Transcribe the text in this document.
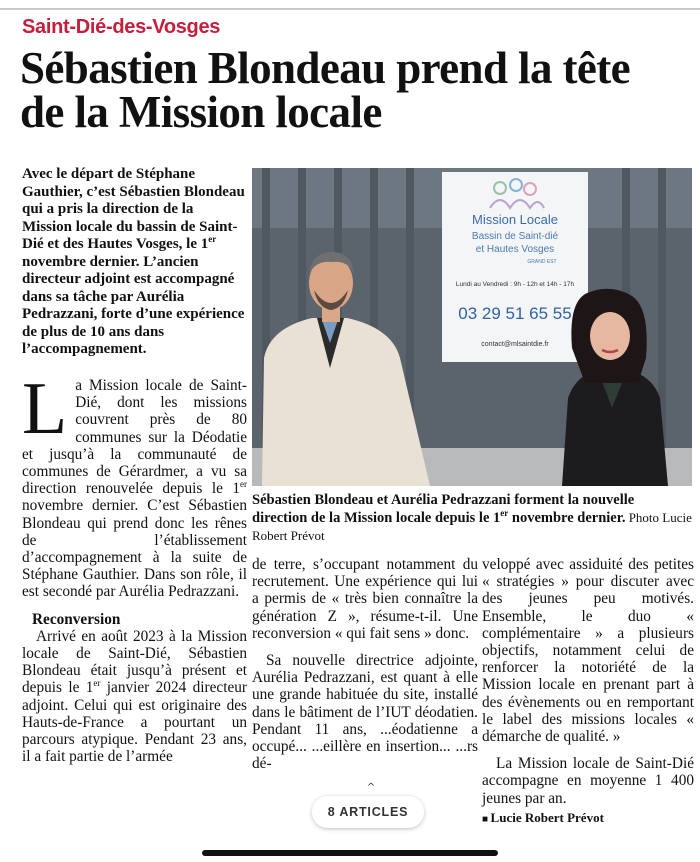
Saint-Dié-des-Vosges
Sébastien Blondeau prend la tête
de la Mission locale
Avec le départ de Stéphane Gauthier, c’est Sébastien Blondeau qui a pris la direction de la Mission locale du bassin de Saint-Dié et des Hautes Vosges, le 1er novembre dernier. L’ancien directeur adjoint est accompagné dans sa tâche par Aurélia Pedrazzani, forte d’une expérience de plus de 10 ans dans l’accompagnement.

La Mission locale de Saint-Dié, dont les missions couvrent près de 80 communes sur la Déodatie et jusqu’à la communauté de communes de Gérardmer, a vu sa direction renouvelée depuis le 1er novembre dernier. C’est Sébastien Blondeau qui prend donc les rênes de l’établissement d’accompagnement à la suite de Stéphane Gauthier. Dans son rôle, il est secondé par Aurélia Pedrazzani.

Reconversion

Arrivé en août 2023 à la Mission locale de Saint-Dié, Sébastien Blondeau était jusqu’à présent et depuis le 1er janvier 2024 directeur adjoint. Celui qui est originaire des Hauts-de-France a pourtant un parcours atypique. Pendant 23 ans, il a fait partie de l’armée

Mission Locale
Bassin de Saint-dié
et Hautes Vosges
GRAND EST
Lundi au Vendredi : 9h - 12h et 14h - 17h
03 29 51 65 55
contact@mlsaintdie.fr
Sébastien Blondeau et Aurélia Pedrazzani forment la nouvelle direction de la Mission locale depuis le 1er novembre dernier. Photo Lucie Robert Prévot

de terre, s’occupant notamment du recrutement. Une expérience qui lui a permis de « très bien connaître la génération Z », résume-t-il. Une reconversion « qui fait sens » donc.

Sa nouvelle directrice adjointe, Aurélia Pedrazzani, est quant à elle une grande habituée du site, installé dans le bâtiment de l’IUT déodatien. Pendant 11 ans, ...éodatienne a occupé... ...eillère en insertion... ...rs dé-

veloppé avec assiduité des petites « stratégies » pour discuter avec des jeunes peu motivés. Ensemble, le duo « complémentaire » a plusieurs objectifs, notamment celui de renforcer la notoriété de la Mission locale en prenant part à des évènements ou en remportant le label des missions locales « démarche de qualité. »

La Mission locale de Saint-Dié accompagne en moyenne 1 400 jeunes par an.

■ Lucie Robert Prévot

^
8 ARTICLES
